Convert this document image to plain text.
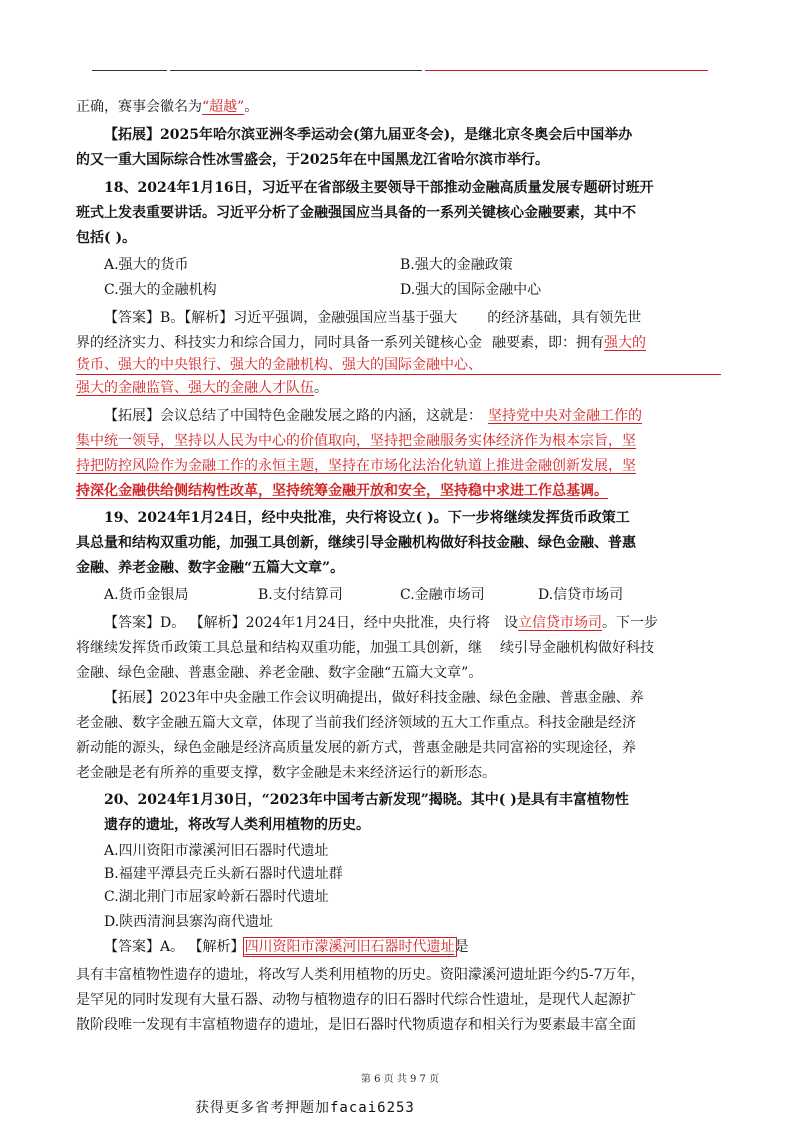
正确，赛事会徽名为“超越”。
【拓展】2025年哈尔滨亚洲冬季运动会(第九届亚冬会)，是继北京冬奥会后中国举办
的又一重大国际综合性冰雪盛会，于2025年在中国黑龙江省哈尔滨市举行。
18、2024年1月16日，习近平在省部级主要领导干部推动金融高质量发展专题研讨班开
班式上发表重要讲话。习近平分析了金融强国应当具备的一系列关键核心金融要素，其中不
包括( )。
A.强大的货币	B.强大的金融政策
C.强大的金融机构	D.强大的国际金融中心
【答案】B。【解析】习近平强调，金融强国应当基于强大 的经济基础，具有领先世
界的经济实力、科技实力和综合国力，同时具备一系列关键核心金 融要素，即：拥有强大的
货币、强大的中央银行、强大的金融机构、强大的国际金融中心、
强大的金融监管、强大的金融人才队伍。
【拓展】会议总结了中国特色金融发展之路的内涵，这就是： 坚持党中央对金融工作的
集中统一领导，坚持以人民为中心的价值取向，坚持把金融服务实体经济作为根本宗旨，坚
持把防控风险作为金融工作的永恒主题，坚持在市场化法治化轨道上推进金融创新发展，坚
持深化金融供给侧结构性改革，坚持统筹金融开放和安全，坚持稳中求进工作总基调。
19、2024年1月24日，经中央批准，央行将设立( )。下一步将继续发挥货币政策工
具总量和结构双重功能，加强工具创新，继续引导金融机构做好科技金融、绿色金融、普惠
金融、养老金融、数字金融“五篇大文章”。
A.货币金银局	B.支付结算司	C.金融市场司	D.信贷市场司
【答案】D。 【解析】2024年1月24日，经中央批准，央行将 设立信贷市场司。下一步
将继续发挥货币政策工具总量和结构双重功能，加强工具创新，继 续引导金融机构做好科技
金融、绿色金融、普惠金融、养老金融、数字金融“五篇大文章”。
【拓展】2023年中央金融工作会议明确提出，做好科技金融、绿色金融、普惠金融、养
老金融、数字金融五篇大文章，体现了当前我们经济领域的五大工作重点。科技金融是经济
新动能的源头，绿色金融是经济高质量发展的新方式，普惠金融是共同富裕的实现途径，养
老金融是老有所养的重要支撑，数字金融是未来经济运行的新形态。
20、2024年1月30日，“2023年中国考古新发现”揭晓。其中( )是具有丰富植物性
遗存的遗址，将改写人类利用植物的历史。
A.四川资阳市濛溪河旧石器时代遗址
B.福建平潭县壳丘头新石器时代遗址群
C.湖北荆门市屈家岭新石器时代遗址
D.陕西清涧县寨沟商代遗址
【答案】A。 【解析】四川资阳市濛溪河旧石器时代遗址是
具有丰富植物性遗存的遗址，将改写人类利用植物的历史。资阳濛溪河遗址距今约5-7万年，
是罕见的同时发现有大量石器、动物与植物遗存的旧石器时代综合性遗址，是现代人起源扩
散阶段唯一发现有丰富植物遗存的遗址，是旧石器时代物质遗存和相关行为要素最丰富全面
第 6 页 共 9 7 页
获得更多省考押题加facai6253
